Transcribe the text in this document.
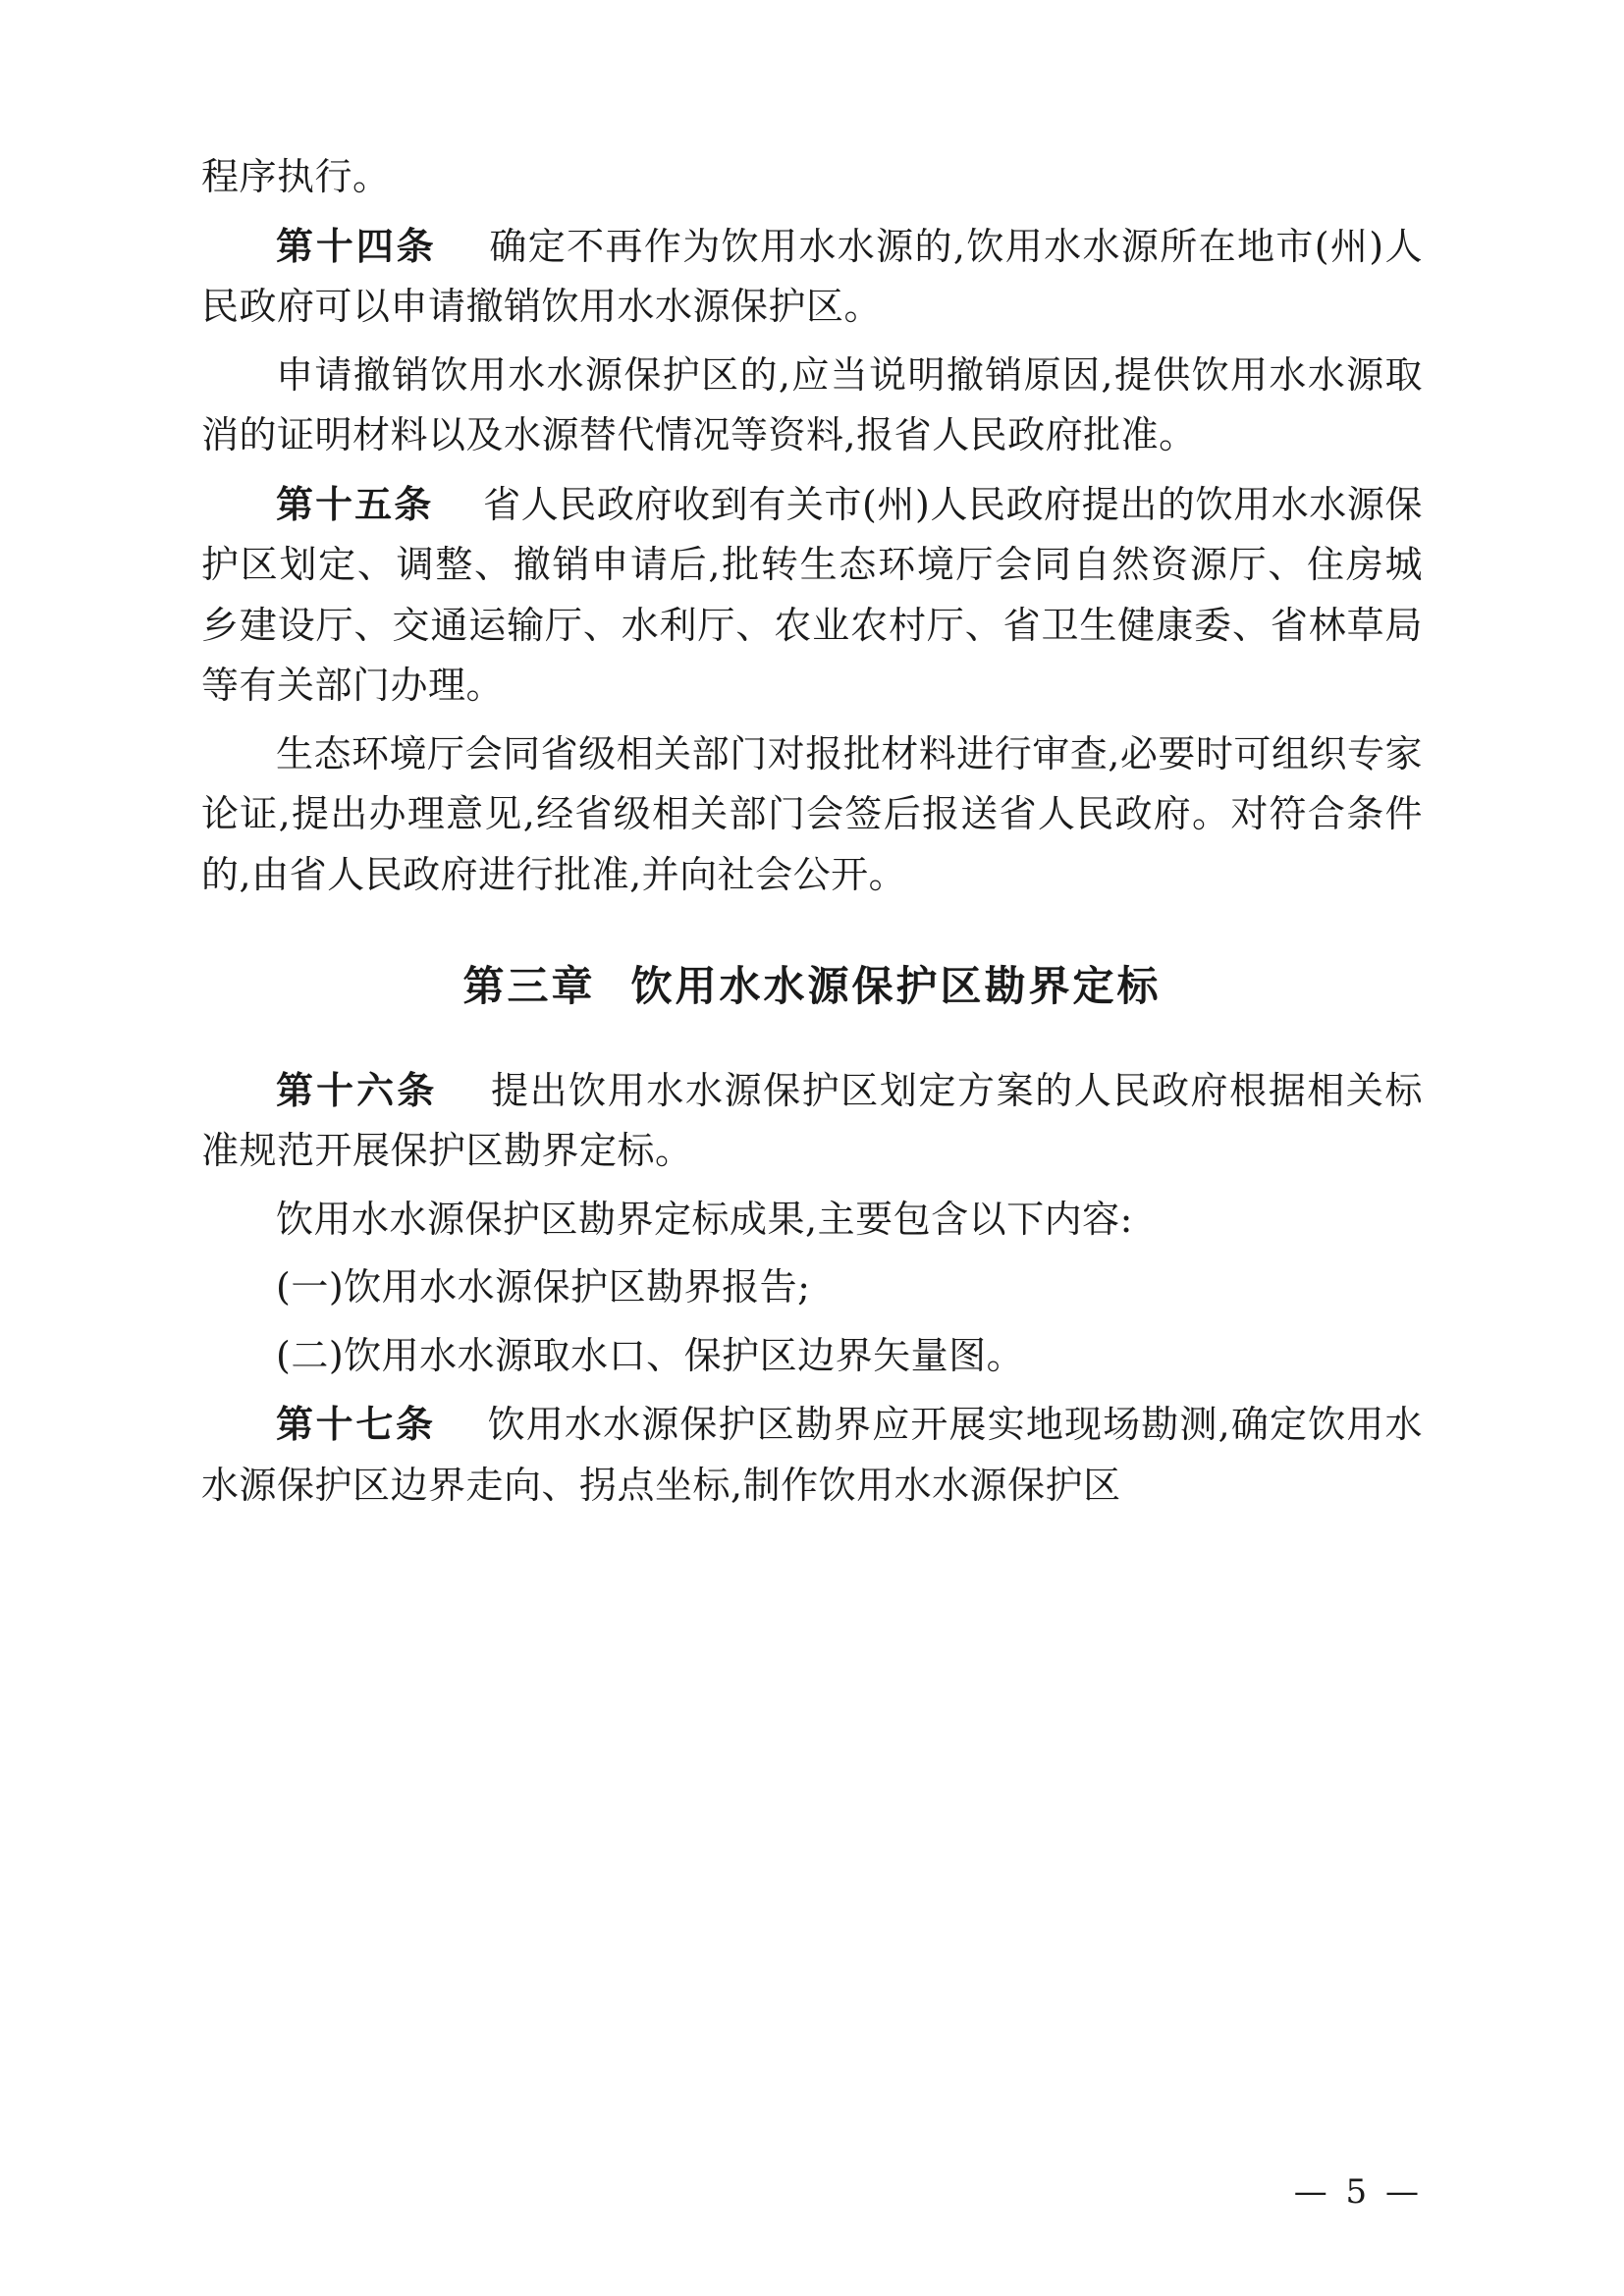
程序执行。

第十四条 确定不再作为饮用水水源的,饮用水水源所在地市(州)人民政府可以申请撤销饮用水水源保护区。

申请撤销饮用水水源保护区的,应当说明撤销原因,提供饮用水水源取消的证明材料以及水源替代情况等资料,报省人民政府批准。

第十五条 省人民政府收到有关市(州)人民政府提出的饮用水水源保护区划定、调整、撤销申请后,批转生态环境厅会同自然资源厅、住房城乡建设厅、交通运输厅、水利厅、农业农村厅、省卫生健康委、省林草局等有关部门办理。

生态环境厅会同省级相关部门对报批材料进行审查,必要时可组织专家论证,提出办理意见,经省级相关部门会签后报送省人民政府。对符合条件的,由省人民政府进行批准,并向社会公开。

第三章 饮用水水源保护区勘界定标

第十六条 提出饮用水水源保护区划定方案的人民政府根据相关标准规范开展保护区勘界定标。

饮用水水源保护区勘界定标成果,主要包含以下内容:

(一)饮用水水源保护区勘界报告;

(二)饮用水水源取水口、保护区边界矢量图。

第十七条 饮用水水源保护区勘界应开展实地现场勘测,确定饮用水水源保护区边界走向、拐点坐标,制作饮用水水源保护区

— 5 —
